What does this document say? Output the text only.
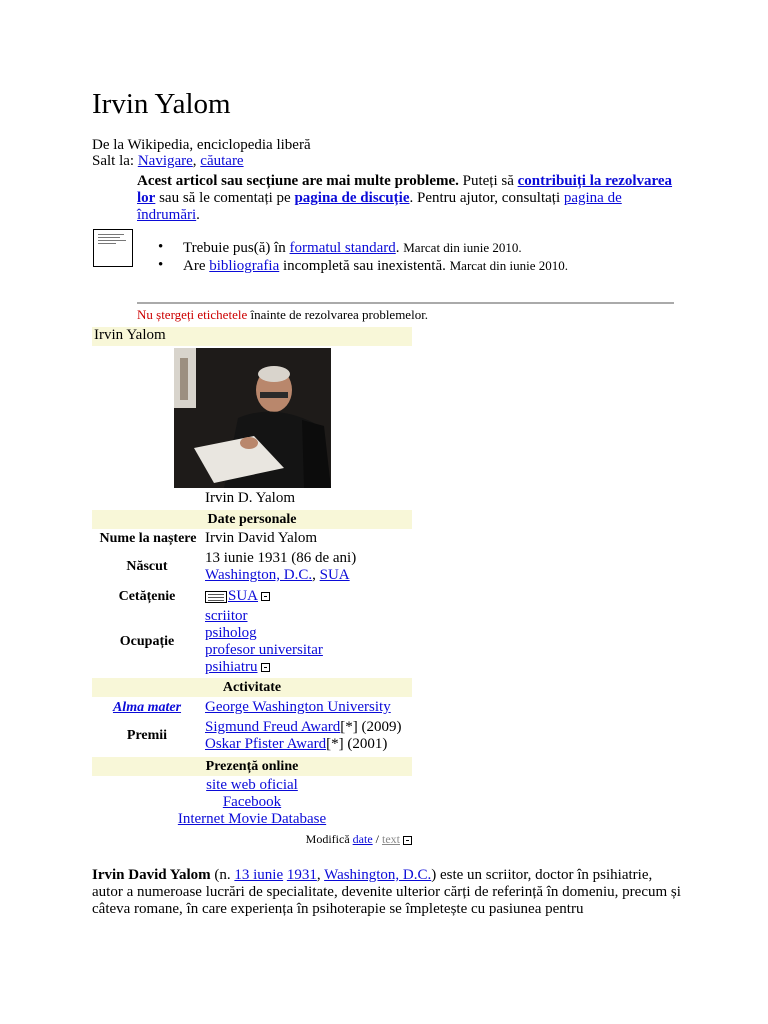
Irvin Yalom
De la Wikipedia, enciclopedia liberă
Salt la: Navigare, căutare
Acest articol sau secțiune are mai multe probleme. Puteți să contribuiți la rezolvarea lor sau să le comentați pe pagina de discuție. Pentru ajutor, consultați pagina de îndrumări.
• Trebuie pus(ă) în formatul standard. Marcat din iunie 2010.
• Are bibliografia incompletă sau inexistentă. Marcat din iunie 2010.
Nu ștergeți etichetele înainte de rezolvarea problemelor.
Irvin Yalom
Irvin D. Yalom
Date personale
Nume la naștere Irvin David Yalom
Născut
13 iunie 1931 (86 de ani)
Washington, D.C., SUA
Cetățenie	SUA
Ocupație
scriitor
psiholog
profesor universitar
psihiatru
Activitate
Alma mater	George Washington University
Premii
Sigmund Freud Award[*] (2009)
Oskar Pfister Award[*] (2001)
Prezență online
site web oficial
Facebook
Internet Movie Database
Modifică date / text
Irvin David Yalom (n. 13 iunie 1931, Washington, D.C.) este un scriitor, doctor în psihiatrie, autor a numeroase lucrări de specialitate, devenite ulterior cărți de referință în domeniu, precum și câteva romane, în care experiența în psihoterapie se împletește cu pasiunea pentru
